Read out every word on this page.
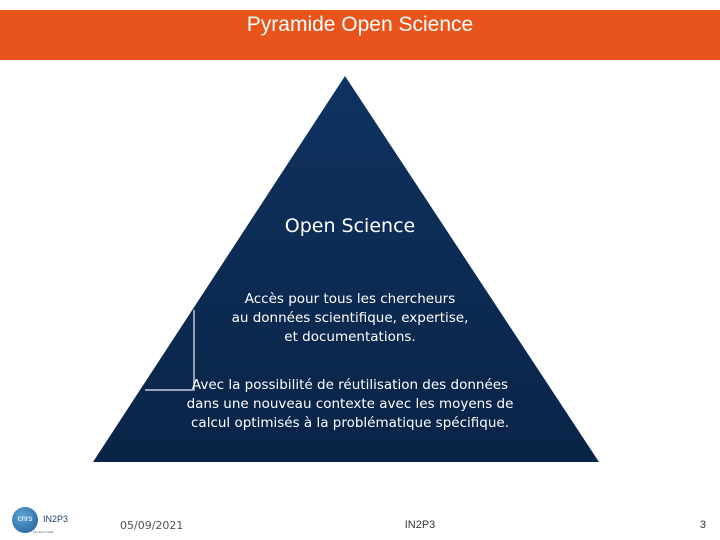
Pyramide Open Science
Open Science
Accès pour tous les chercheurs
au données scientifique, expertise,
et documentations.
Avec la possibilité de réutilisation des données
dans une nouveau contexte avec les moyens de
calcul optimisés à la problématique spécifique.
cnrs	IN2P3
Les deux infinis	05/09/2021	IN2P3	3
